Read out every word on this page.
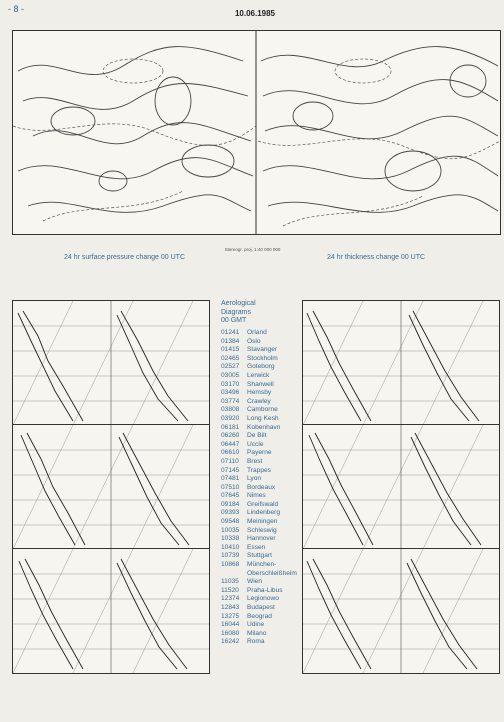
- 8 -	10.06.1985
Stereogr. proj. 1:40 000 000
24 hr surface pressure change 00 UTC	24 hr thickness change 00 UTC
Aerological
Diagrams
00 GMT
01241	Orland
01384	Oslo
01415	Stavanger
02465	Stockholm
02527	Goteborg
03005	Lerwick
03170	Shanwell
03496	Hemsby
03774	Crawley
03808	Camborne
03920	Long Kesh
06181	Kobenhavn
06260	De Bilt
06447	Uccle
06610	Payerne
07110	Brest
07145	Trappes
07481	Lyon
07510	Bordeaux
07645	Nimes
09184	Greifswald
09393	Lindenberg
09548	Meiningen
10035	Schleswig
10338	Hannover
10410	Essen
10739	Stuttgart
10868	München-
Oberschleißheim
11035	Wien
11520	Praha-Libus
12374	Legionowo
12843	Budapest
13275	Beograd
16044	Udine
16080	Milano
16242	Roma
